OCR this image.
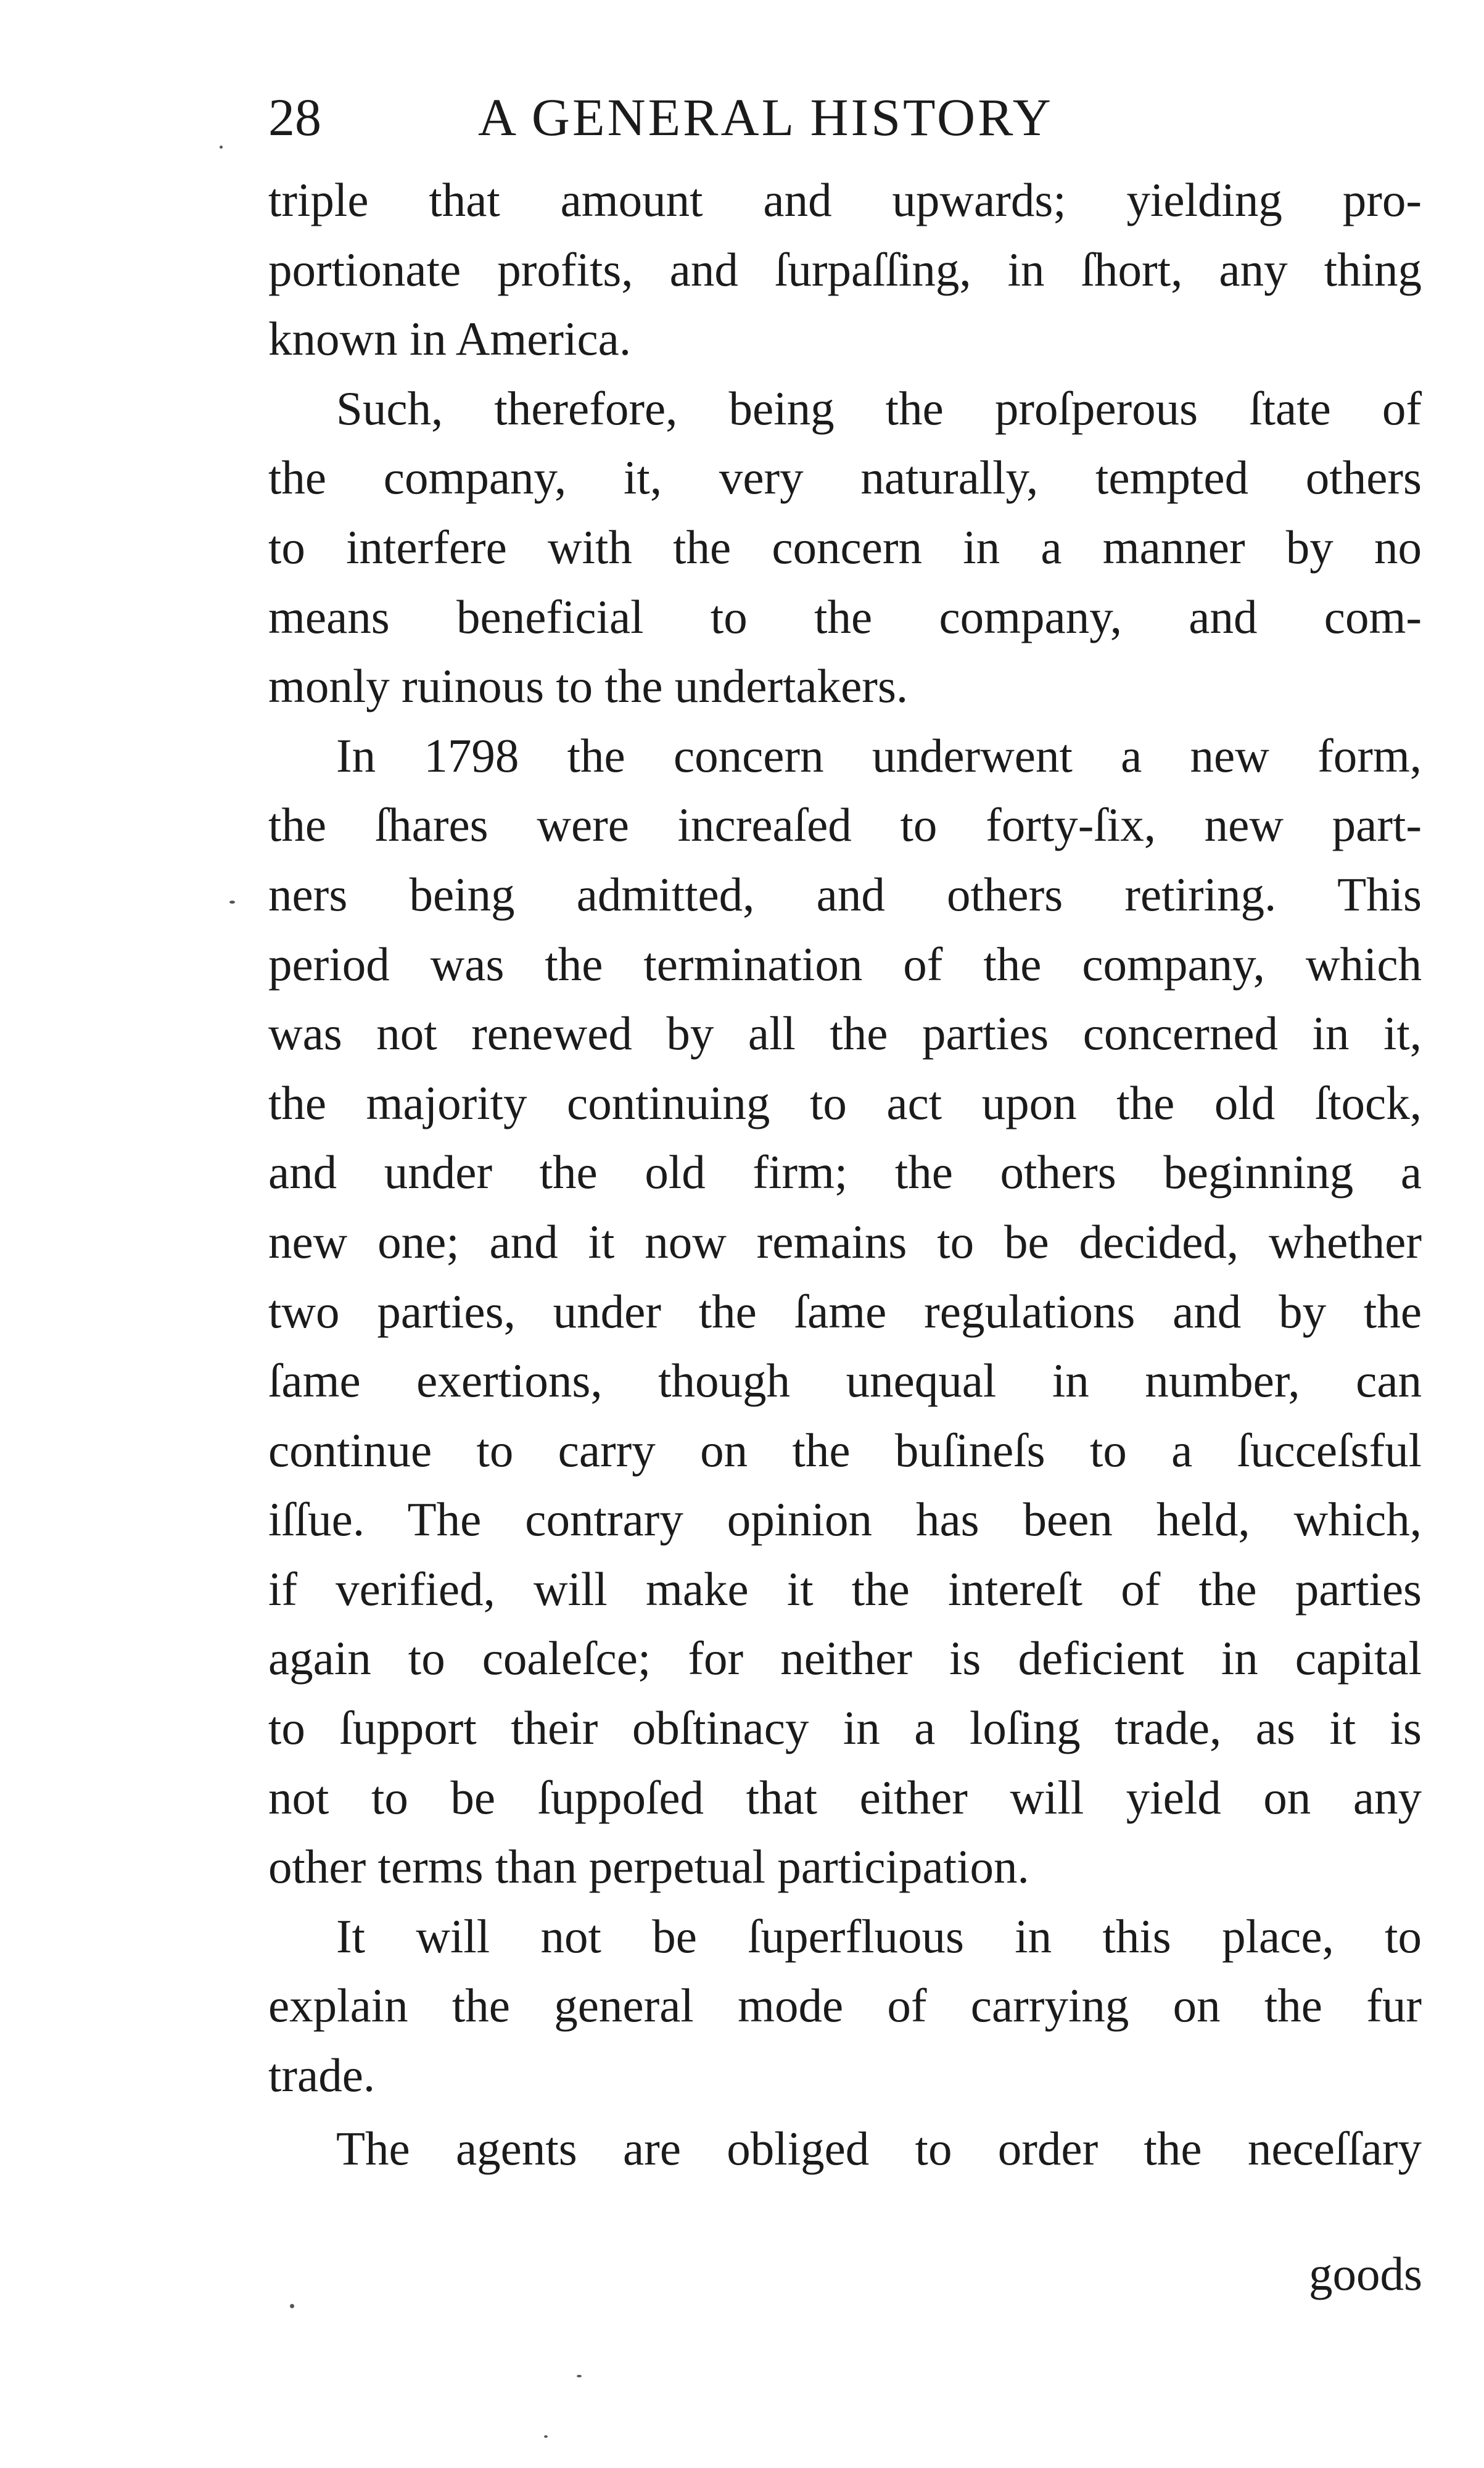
28	A GENERAL HISTORY

triple that amount and upwards; yielding pro-
portionate profits, and ſurpaſſing, in ſhort, any thing
known in America.

Such, therefore, being the proſperous ſtate of
the company, it, very naturally, tempted others
to interfere with the concern in a manner by no
means beneficial to the company, and com-
monly ruinous to the undertakers.

In 1798 the concern underwent a new form,
the ſhares were increaſed to forty-ſix, new part-
ners being admitted, and others retiring. This
period was the termination of the company, which
was not renewed by all the parties concerned in it,
the majority continuing to act upon the old ſtock,
and under the old firm; the others beginning a
new one; and it now remains to be decided, whether
two parties, under the ſame regulations and by the
ſame exertions, though unequal in number, can
continue to carry on the buſineſs to a ſucceſsful
iſſue. The contrary opinion has been held, which,
if verified, will make it the intereſt of the parties
again to coaleſce; for neither is deficient in capital
to ſupport their obſtinacy in a loſing trade, as it is
not to be ſuppoſed that either will yield on any
other terms than perpetual participation.

It will not be ſuperfluous in this place, to
explain the general mode of carrying on the fur
trade.

The agents are obliged to order the neceſſary

goods
